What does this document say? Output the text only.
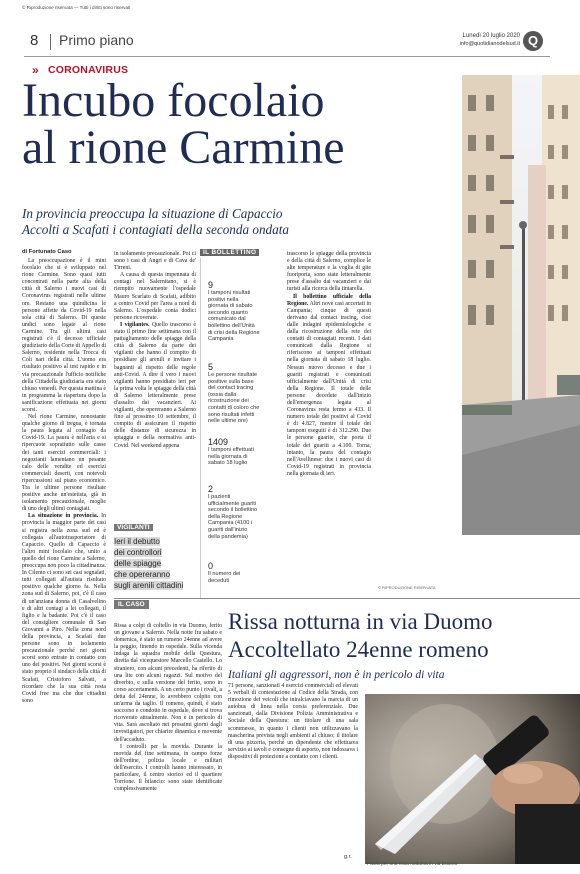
© Riproduzione riservata — Tutti i diritti sono riservati
8 Primo piano	Lunedì 20 luglio 2020
info@quotidianodelsud.it Q
» CORONAVIRUS
Incubo focolaio
al rione Carmine
In provincia preoccupa la situazione di Capaccio
Accolti a Scafati i contagiati della seconda ondata
di Fortunato Caso

La preoccupazione è il mini focolaio che si è sviluppato nel rione Carmine. Sono quasi tutti concentrati nella parte alta della città di Salerno i nuovi casi di Coronavirus registrati nelle ultime ore. Restano una quindicina le persone affette da Covid-19 nella sola città di Salerno. Di queste undici sono legate al rione Carmine. Tra gli ultimi casi registrati c'è il decesso ufficiale giudiziario della Corte di Appello di Salerno, residente nella Trocca di Coli nari della città. L'uomo era risultato positivo al test rapido e in via precauzionale l'ufficio notifiche della Cittadella giudiziaria era stato chiuso venerdì. Per questa mattina è in programma la riapertura dopo la sanificazione effettuata nei giorni scorsi.

Nel rione Carmine, nonostante qualche giorno di tregua, è tornata la paura legata al contagio da Covid-19. La paura è nell'aria e si ripercuote soprattutto sulle casse dei tanti esercizi commerciali: i negozianti lamentano un pesante calo delle vendite ed esercizi commerciali deserti, con notevoli ripercussioni sul piano economico. Tra le ultime persone risultate positive anche un'estetista, già in isolamento precauzionale, moglie di uno degli ultimi contagiati.

La situazione in provincia. In provincia la maggior parte dei casi si registra nella zona sud ed è collegata all'autotrasportatore di Capaccio. Quello di Capaccio è l'altro mini focolaio che, unito a quello del rione Carmine a Salerno, preoccupa non poco la cittadinanza. In Cilento ci sono sei casi segnalati, tutti collegati all'autista risultato positivo qualche giorno fa. Nella zona sud di Salerno, poi, c'è il caso di un'anziana donna di Casalvelino e di altri contagi a lei collegati, il figlio e la badante. Poi c'è il caso del consigliere comunale di San Giovanni a Piro. Nella zona nord della provincia, a Scafati due persone sono in isolamento precauzionale perché nei giorni scorsi sono entrate in contatto con uno dei positivi. Nei giorni scorsi è stato proprio il sindaco della città di Scafati, Cristoforo Salvati, a ricordare che la sua città resta Covid free ma che due cittadini sono

in isolamento precauzionale. Poi ci sono i casi di Angri e di Cava de' Tirreni.

A causa di questa impennata di contagi nel Salernitano, si è riempito nuovamente l'ospedale Mauro Scarlato di Scafati, adibito a centro Covid per l'area a nord di Salerno. L'ospedale conta dodici persone ricoverate.

I vigilantes. Quello trascorso è stato il primo fine settimana con il pattugliamento delle spiagge della città di Salerno da parte dei vigilanti che hanno il compito di presidiare gli arenili e invitare i bagnanti al rispetto delle regole anti-Covid. A dire il vero i nuovi vigilanti hanno presidiato ieri per la prima volta le spiagge della città di Salerno letteralmente prese d'assalto dai vacanzieri. Ai vigilanti, che opereranno a Salerno fino al prossimo 10 settembre, il compito di assicurare il rispetto delle distanze di sicurezza in spiaggia e della normativa anti-Covid. Nel weekend appena

VIGILANTI
Ieri il debutto
dei controllori
delle spiagge
che opereranno
sugli arenili cittadini
IL BOLLETTINO
9
I tamponi risultati positivi nella giornata di sabato secondo quanto comunicato dal bollettino dell'Unità di crisi della Regione Campania
5
Le persone risultate positive sulla base del contact tracing (ossia dalla ricostruzione dei contatti di coloro che sono risultati infetti nelle ultime ore)
1409
I tamponi effettuati nella giornata di sabato 18 luglio
2
I pazienti ufficialmente guariti secondo il bollettino della Regione Campania (4100 i guariti dall'inizio della pandemia)
0
Il numero dei deceduti

trascorso le spiagge della provincia e della città di Salerno, complice le alte temperature e la voglia di gite fuoriporta, sono state letteralmente prese d'assalto dai vacanzieri e dai turisti alla ricerca della tintarella.

Il bollettino ufficiale della Regione. Altri nove casi accertati in Campania; cinque di questi derivano dal contact tracing, cioè dalle indagini epidemiologiche e dalla ricostruzione della rete dei contatti di contagiati recenti. I dati comunicati dalla Regione si riferiscono ai tamponi effettuati nella giornata di sabato 18 luglio. Nessun nuovo decesso e due i guariti registrati e comunicati ufficialmente dall'Unità di crisi della Regione. Il totale delle persone decedute dall'inizio dell'emergenza legata al Coronavirus resta fermo a 433. Il numero totale dei positivi al Covid è di 4.827, mentre il totale dei tamponi eseguiti è di 312.290. Due le persone guarite, che porta il totale dei guariti a 4.100. Torna, intanto, la paura del contagio nell'Avellinese: due i nuovi casi di Covid-19 registrati in provincia nella giornata di ieri.

© RIPRODUZIONE RISERVATA
IL CASO
Rissa notturna in via Duomo
Accoltellato 24enne romeno
Italiani gli aggressori, non è in pericolo di vita

Rissa a colpi di coltello in via Duomo, ferito un giovane a Salerno. Nella notte fra sabato e domenica, è stato un rumeno 24enne ad avere la peggio, finendo in ospedale. Sulla vicenda indaga la squadra mobile della Questura, diretta dal vicequestore Marcello Castello. Lo straniero, con alcuni precedenti, ha riferito di una lite con alcuni ragazzi. Sul motivo del diverbio, e sulla versione del ferito, sono in corso accertamenti. A un certo punto i rivali, a detta del 24enne, lo avrebbero colpito con un'arma da taglio. Il romeno, quindi, è stato soccorso e condotto in ospedale, dove si trova ricoverato attualmente. Non è in pericolo di vita. Sarà ascoltato nei prossimi giorni dagli investigatori, per chiarire dinamica e movente dell'accaduto.

I controlli per la movida. Durante la movida del fine settimana, in campo forze dell'ordine, polizia locale e militari dell'esercito. I controlli hanno interessato, in particolare, il centro storico ed il quartiere Torrione. Il bilancio: sono state identificate complessivamente

71 persone, sanzionati 4 esercizi commerciali ed elevati 5 verbali di contestazione al Codice della Strada, con rimozione dei veicoli che intralciavano la marcia di un autobus di linea nella corsia preferenziale. Due sanzionati, dalla Divisione Polizia Amministrativa e Sociale della Questura: un titolare di una sala scommesse, in quanto i clienti non utilizzavano la mascherina prevista negli ambienti al chiuso; il titolare di una pizzeria, perché un dipendente che effettuava servizio ai tavoli e consegne di asporto, non indossava i dispositivi di protezione a contatto con i clienti.

g.r.
Paura per una rissa notturna in via Duomo
